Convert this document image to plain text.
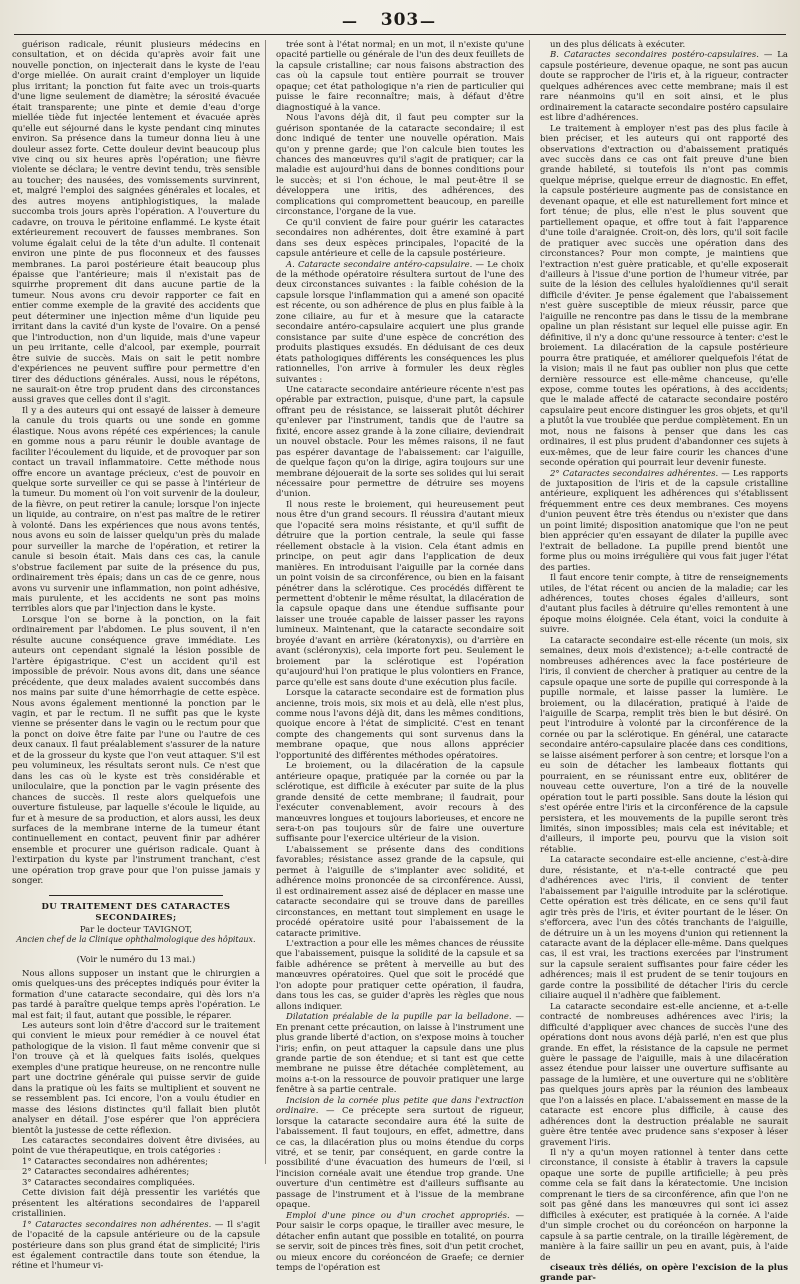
—	303 —

guérison radicale, réunit plusieurs médecins en consultation, et on décida qu'après avoir fait une nouvelle ponction, on injecterait dans le kyste de l'eau d'orge miellée. On aurait craint d'employer un liquide plus irritant; la ponction fut faite avec un trois-quarts d'une ligne seulement de diamètre; la sérosité évacuée était transparente; une pinte et demie d'eau d'orge miellée tiède fut injectée lentement et évacuée après qu'elle eut séjourné dans le kyste pendant cinq minutes environ. Sa présence dans la tumeur donna lieu à une douleur assez forte. Cette douleur devint beaucoup plus vive cinq ou six heures après l'opération; une fièvre violente se déclara; le ventre devint tendu, très sensible au toucher; des nausées, des vomissements survinrent, et, malgré l'emploi des saignées générales et locales, et des autres moyens antiphlogistiques, la malade succomba trois jours après l'opération. A l'ouverture du cadavre, on trouva le péritoine enflammé. Le kyste était extérieurement recouvert de fausses membranes. Son volume égalait celui de la tête d'un adulte. Il contenait environ une pinte de pus floconneux et des fausses membranes. La paroi postérieure était beaucoup plus épaisse que l'antérieure; mais il n'existait pas de squirrhe proprement dit dans aucune partie de la tumeur. Nous avons cru devoir rapporter ce fait en entier comme exemple de la gravité des accidents que peut déterminer une injection même d'un liquide peu irritant dans la cavité d'un kyste de l'ovaire. On a pensé que l'introduction, non d'un liquide, mais d'une vapeur un peu irritante, celle d'alcool, par exemple, pourrait être suivie de succès. Mais on sait le petit nombre d'expériences ne peuvent suffire pour permettre d'en tirer des déductions générales. Aussi, nous le répétons, ne saurait-on être trop prudent dans des circonstances aussi graves que celles dont il s'agit.

Il y a des auteurs qui ont essayé de laisser à demeure la canule du trois quarts ou une sonde en gomme élastique. Nous avons répété ces expériences; la canule en gomme nous a paru réunir le double avantage de faciliter l'écoulement du liquide, et de provoquer par son contact un travail inflammatoire. Cette méthode nous offre encore un avantage précieux, c'est de pouvoir en quelque sorte surveiller ce qui se passe à l'intérieur de la tumeur. Du moment où l'on voit survenir de la douleur, de la fièvre, on peut retirer la canule; lorsque l'on injecte un liquide, au contraire, on n'est pas maître de le retirer à volonté. Dans les expériences que nous avons tentés, nous avons eu soin de laisser quelqu'un près du malade pour surveiller la marche de l'opération, et retirer la canule si besoin était. Mais dans ces cas, la canule s'obstrue facilement par suite de la présence du pus, ordinairement très épais; dans un cas de ce genre, nous avons vu survenir une inflammation, non point adhésive, mais purulente, et les accidents ne sont pas moins terribles alors que par l'injection dans le kyste.

Lorsque l'on se borne à la ponction, on la fait ordinairement par l'abdomen. Le plus souvent, il n'en résulte aucune conséquence grave immédiate. Les auteurs ont cependant signalé la lésion possible de l'artère épigastrique. C'est un accident qu'il est impossible de prévoir. Nous avons dit, dans une séance précédente, que deux malades avaient succombés dans nos mains par suite d'une hémorrhagie de cette espèce. Nous avons également mentionné la ponction par le vagin, et par le rectum. Il ne suffit pas que le kyste vienne se présenter dans le vagin ou le rectum pour que la ponct on doive être faite par l'une ou l'autre de ces deux canaux. Il faut préalablement s'assurer de la nature et de la grosseur du kyste que l'on veut attaquer. S'il est peu volumineux, les résultats seront nuls. Ce n'est que dans les cas où le kyste est très considérable et uniloculaire, que la ponction par le vagin présente des chances de succès. Il reste alors quelquefois une ouverture fistuleuse, par laquelle s'écoule le liquide, au fur et à mesure de sa production, et alors aussi, les deux surfaces de la membrane interne de la tumeur étant continuellement en contact, peuvent finir par adhérer ensemble et procurer une guérison radicale. Quant à l'extirpation du kyste par l'instrument tranchant, c'est une opération trop grave pour que l'on puisse jamais y songer.

DU TRAITEMENT DES CATARACTES SECONDAIRES;
Par le docteur TAVIGNOT,
Ancien chef de la Clinique ophthalmologique des hôpitaux.
(Voir le numéro du 13 mai.)

Nous allons supposer un instant que le chirurgien a omis quelques-uns des préceptes indiqués pour éviter la formation d'une cataracte secondaire, qui dès lors n'a pas tardé à paraître quelque temps après l'opération. Le mal est fait; il faut, autant que possible, le réparer.

Les auteurs sont loin d'être d'accord sur le traitement qui convient le mieux pour remédier à ce nouvel état pathologique de la vision. Il faut même convenir que si l'on trouve çà et là quelques faits isolés, quelques exemples d'une pratique heureuse, on ne rencontre nulle part une doctrine générale qui puisse servir de guide dans la pratique où les faits se multiplient et souvent ne se ressemblent pas. Ici encore, l'on a voulu étudier en masse des lésions distinctes qu'il fallait bien plutôt analyser en détail. J'ose espérer que l'on appréciera bientôt la justesse de cette réflexion.

Les cataractes secondaires doivent être divisées, au point de vue thérapeutique, en trois catégories :

1° Cataractes secondaires non adhérentes;

2° Cataractes secondaires adhérentes;

3° Cataractes secondaires compliquées.

Cette division fait déjà pressentir les variétés que présentent les altérations secondaires de l'appareil cristallinien.

1° Cataractes secondaires non adhérentes. — Il s'agit de l'opacité de la capsule antérieure ou de la capsule postérieure dans son plus grand état de simplicité; l'iris est également contractile dans toute son étendue, la rétine et l'humeur vi-

trée sont à l'état normal; en un mot, il n'existe qu'une opacité partielle ou générale de l'un des deux feuillets de la capsule cristalline; car nous faisons abstraction des cas où la capsule tout entière pourrait se trouver opaque; cet état pathologique n'a rien de particulier qui puisse le faire reconnaître; mais, à défaut d'être diagnostiqué à la vance.

Nous l'avons déjà dit, il faut peu compter sur la guérison spontanée de la cataracte secondaire; il est donc indiqué de tenter une nouvelle opération. Mais qu'on y prenne garde; que l'on calcule bien toutes les chances des manœuvres qu'il s'agit de pratiquer; car la maladie est aujourd'hui dans de bonnes conditions pour le succès; et si l'on échoue, le mal peut-être il se développera une iritis, des adhérences, des complications qui compromettent beaucoup, en pareille circonstance, l'organe de la vue.

Ce qu'il convient de faire pour guérir les cataractes secondaires non adhérentes, doit être examiné à part dans ses deux espèces principales, l'opacité de la capsule antérieure et celle de la capsule postérieure.

A. Cataracte secondaire antéro-capsulaire. — Le choix de la méthode opératoire résultera surtout de l'une des deux circonstances suivantes : la faible cohésion de la capsule lorsque l'inflammation qui a amené son opacité est récente, ou son adhérence de plus en plus faible à la zone ciliaire, au fur et à mesure que la cataracte secondaire antéro-capsulaire acquiert une plus grande consistance par suite d'une espèce de concrétion des produits plastiques exsudés. En déduisant de ces deux états pathologiques différents les conséquences les plus rationnelles, l'on arrive à formuler les deux règles suivantes :

Une cataracte secondaire antérieure récente n'est pas opérable par extraction, puisque, d'une part, la capsule offrant peu de résistance, se laisserait plutôt déchirer qu'enlever par l'instrument, tandis que de l'autre sa fixité, encore assez grande à la zone ciliaire, deviendrait un nouvel obstacle. Pour les mêmes raisons, il ne faut pas espérer davantage de l'abaissement: car l'aiguille, de quelque façon qu'on la dirige, agira toujours sur une membrane déjouerait de la sorte ses solides qui lui serait nécessaire pour permettre de détruire ses moyens d'union.

Il nous reste le broiement, qui heureusement peut nous être d'un grand secours. Il réussira d'autant mieux que l'opacité sera moins résistante, et qu'il suffit de détruire que la portion centrale, la seule qui fasse réellement obstacle à la vision. Cela étant admis en principe, on peut agir dans l'application de deux manières. En introduisant l'aiguille par la cornée dans un point voisin de sa circonférence, ou bien en la faisant pénétrer dans la sclérotique. Ces procédés diffèrent te permettent d'obtenir le même résultat, la dilacération de la capsule opaque dans une étendue suffisante pour laisser une trouée capable de laisser passer les rayons lumineux. Maintenant, que la cataracte secondaire soit broyée d'avant en arrière (kératonyxis), ou d'arrière en avant (scléronyxis), cela importe fort peu. Seulement le broiement par la sclérotique est l'opération qu'aujourd'hui l'on pratique le plus volontiers en France, parce qu'elle est sans doute d'une exécution plus facile.

Lorsque la cataracte secondaire est de formation plus ancienne, trois mois, six mois et au delà, elle n'est plus, comme nous l'avons déjà dit, dans les mêmes conditions, quoique encore à l'état de simplicité. C'est en tenant compte des changements qui sont survenus dans la membrane opaque, que nous allons apprécier l'opportunité des différentes méthodes opératoires.

Le broiement, ou la dilacération de la capsule antérieure opaque, pratiquée par la cornée ou par la sclérotique, est difficile à exécuter par suite de la plus grande densité de cette membrane; il faudrait, pour l'exécuter convenablement, avoir recours à des manœuvres longues et toujours laborieuses, et encore ne sera-t-on pas toujours sûr de faire une ouverture suffisante pour l'exercice ultérieur de la vision.

L'abaissement se présente dans des conditions favorables; résistance assez grande de la capsule, qui permet à l'aiguille de s'implanter avec solidité, et adhérence moins prononcée de sa circonférence. Aussi, il est ordinairement assez aisé de déplacer en masse une cataracte secondaire qui se trouve dans de pareilles circonstances, en mettant tout simplement en usage le procédé opératoire usité pour l'abaissement de la cataracte primitive.

L'extraction a pour elle les mêmes chances de réussite que l'abaissement, puisque la solidité de la capsule et sa faible adhérence se prêtent à merveille au but des manœuvres opératoires. Quel que soit le procédé que l'on adopte pour pratiquer cette opération, il faudra, dans tous les cas, se guider d'après les règles que nous allons indiquer.

Dilatation préalable de la pupille par la belladone. — En prenant cette précaution, on laisse à l'instrument une plus grande liberté d'action, on s'expose moins à toucher l'iris; enfin, on peut attaquer la capsule dans une plus grande partie de son étendue; et si tant est que cette membrane ne puisse être détachée complètement, au moins a-t-on la ressource de pouvoir pratiquer une large fenêtre à sa partie centrale.

Incision de la cornée plus petite que dans l'extraction ordinaire. — Ce précepte sera surtout de rigueur, lorsque la cataracte secondaire aura été la suite de l'abaissement. Il faut toujours, en effet, admettre, dans ce cas, la dilacération plus ou moins étendue du corps vitré, et se tenir, par conséquent, en garde contre la possibilité d'une évacuation des humeurs de l'œil, si l'incision cornéale avait une étendue trop grande. Une ouverture d'un centimètre est d'ailleurs suffisante au passage de l'instrument et à l'issue de la membrane opaque.

Emploi d'une pince ou d'un crochet appropriés. — Pour saisir le corps opaque, le tirailler avec mesure, le détacher enfin autant que possible en totalité, on pourra se servir, soit de pinces très fines, soit d'un petit crochet, ou mieux encore du coréoncéon de Graefe; ce dernier temps de l'opération est

un des plus délicats à exécuter.

B. Cataractes secondaires postéro-capsulaires. — La capsule postérieure, devenue opaque, ne sont pas aucun doute se rapprocher de l'iris et, à la rigueur, contracter quelques adhérences avec cette membrane; mais il est rare néanmoins qu'il en soit ainsi, et le plus ordinairement la cataracte secondaire postéro capsulaire est libre d'adhérences.

Le traitement à employer n'est pas des plus facile à bien préciser, et les auteurs qui ont rapporté des observations d'extraction ou d'abaissement pratiqués avec succès dans ce cas ont fait preuve d'une bien grande habileté, si toutefois ils n'ont pas commis quelque méprise, quelque erreur de diagnostic. En effet, la capsule postérieure augmente pas de consistance en devenant opaque, et elle est naturellement fort mince et fort ténue; de plus, elle n'est le plus souvent que partiellement opaque, et offre tout à fait l'apparence d'une toile d'araignée. Croit-on, dès lors, qu'il soit facile de pratiquer avec succès une opération dans des circonstances? Pour mon compte, je maintiens que l'extraction n'est guère praticable, et qu'elle exposerait d'ailleurs à l'issue d'une portion de l'humeur vitrée, par suite de la lésion des cellules hyaloïdiennes qu'il serait difficile d'éviter. Je pense également que l'abaissement n'est guère susceptible de mieux réussir, parce que l'aiguille ne rencontre pas dans le tissu de la membrane opaline un plan résistant sur lequel elle puisse agir. En définitive, il n'y a donc qu'une ressource à tenter: c'est le broiement. La dilacération de la capsule postérieure pourra être pratiquée, et améliorer quelquefois l'état de la vision; mais il ne faut pas oublier non plus que cette dernière ressource est elle-même chanceuse, qu'elle expose, comme toutes les opérations, à des accidents; que le malade affecté de cataracte secondaire postéro capsulaire peut encore distinguer les gros objets, et qu'il a plutôt la vue troublée que perdue complètement. En un mot, nous ne faisons à penser que dans les cas ordinaires, il est plus prudent d'abandonner ces sujets à eux-mêmes, que de leur faire courir les chances d'une seconde opération qui pourrait leur devenir funeste.

2° Cataractes secondaires adhérentes. — Les rapports de juxtaposition de l'iris et de la capsule cristalline antérieure, expliquent les adhérences qui s'établissent fréquemment entre ces deux membranes. Ces moyens d'union peuvent être très étendus ou n'exister que dans un point limité; disposition anatomique que l'on ne peut bien apprécier qu'en essayant de dilater la pupille avec l'extrait de belladone. La pupille prend bientôt une forme plus ou moins irrégulière qui vous fait juger l'état des parties.

Il faut encore tenir compte, à titre de renseignements utiles, de l'état récent ou ancien de la maladie; car les adhérences, toutes choses égales d'ailleurs, sont d'autant plus faciles à détruire qu'elles remontent à une époque moins éloignée. Cela étant, voici la conduite à suivre.

La cataracte secondaire est-elle récente (un mois, six semaines, deux mois d'existence); a-t-elle contracté de nombreuses adhérences avec la face postérieure de l'iris, il convient de chercher à pratiquer au centre de la capsule opaque une sorte de pupille qui corresponde à la pupille normale, et laisse passer la lumière. Le broiement, ou la dilacération, pratiqué à l'aide de l'aiguille de Scarpa, remplit très bien le but désiré. On peut l'introduire à volonté par la circonférence de la cornée ou par la sclérotique. En général, une cataracte secondaire antéro-capsulaire placée dans ces conditions, se laisse aisément perforer à son centre; et lorsque l'on a eu soin de détacher les lambeaux flottants qui pourraient, en se réunissant entre eux, oblitérer de nouveau cette ouverture, l'on a tiré de la nouvelle opération tout le parti possible. Sans doute la lésion qui s'est opérée entre l'iris et la circonférence de la capsule persistera, et les mouvements de la pupille seront très limités, sinon impossibles; mais cela est inévitable; et d'ailleurs, il importe peu, pourvu que la vision soit rétablie.

La cataracte secondaire est-elle ancienne, c'est-à-dire dure, résistante, et n'a-t-elle contracté que peu d'adhérences avec l'iris, il convient de tenter l'abaissement par l'aiguille introduite par la sclérotique. Cette opération est très délicate, en ce sens qu'il faut agir très près de l'iris, et éviter pourtant de le léser. On s'efforcera, avec l'un des côtés tranchants de l'aiguille, de détruire un à un les moyens d'union qui retiennent la cataracte avant de la déplacer elle-même. Dans quelques cas, il est vrai, les tractions exercées par l'instrument sur la capsule seraient suffisantes pour faire céder les adhérences; mais il est prudent de se tenir toujours en garde contre la possibilité de détacher l'iris du cercle ciliaire auquel il n'adhère que faiblement.

La cataracte secondaire est-elle ancienne, et a-t-elle contracté de nombreuses adhérences avec l'iris; la difficulté d'appliquer avec chances de succès l'une des opérations dont nous avons déjà parlé, n'en est que plus grande. En effet, la résistance de la capsule ne permet guère le passage de l'aiguille, mais à une dilacération assez étendue pour laisser une ouverture suffisante au passage de la lumière, et une ouverture qui ne s'oblitère pas quelques jours après par la réunion des lambeaux que l'on a laissés en place. L'abaissement en masse de la cataracte est encore plus difficile, à cause des adhérences dont la destruction préalable ne saurait guère être tentée avec prudence sans s'exposer à léser gravement l'iris.

Il n'y a qu'un moyen rationnel à tenter dans cette circonstance, il consiste à établir à travers la capsule opaque une sorte de pupille artificielle; à peu près comme cela se fait dans la kératectomie. Une incision comprenant le tiers de sa circonférence, afin que l'on ne soit pas gêné dans les manœuvres qui sont ici assez difficiles à exécuter, est pratiquée à la cornée. A l'aide d'un simple crochet ou du coréoncéon on harponne la capsule à sa partie centrale, on la tiraille légèrement, de manière à la faire saillir un peu en avant, puis, à l'aide de

ciseaux très déliés, on opère l'excision de la plus grande par-
